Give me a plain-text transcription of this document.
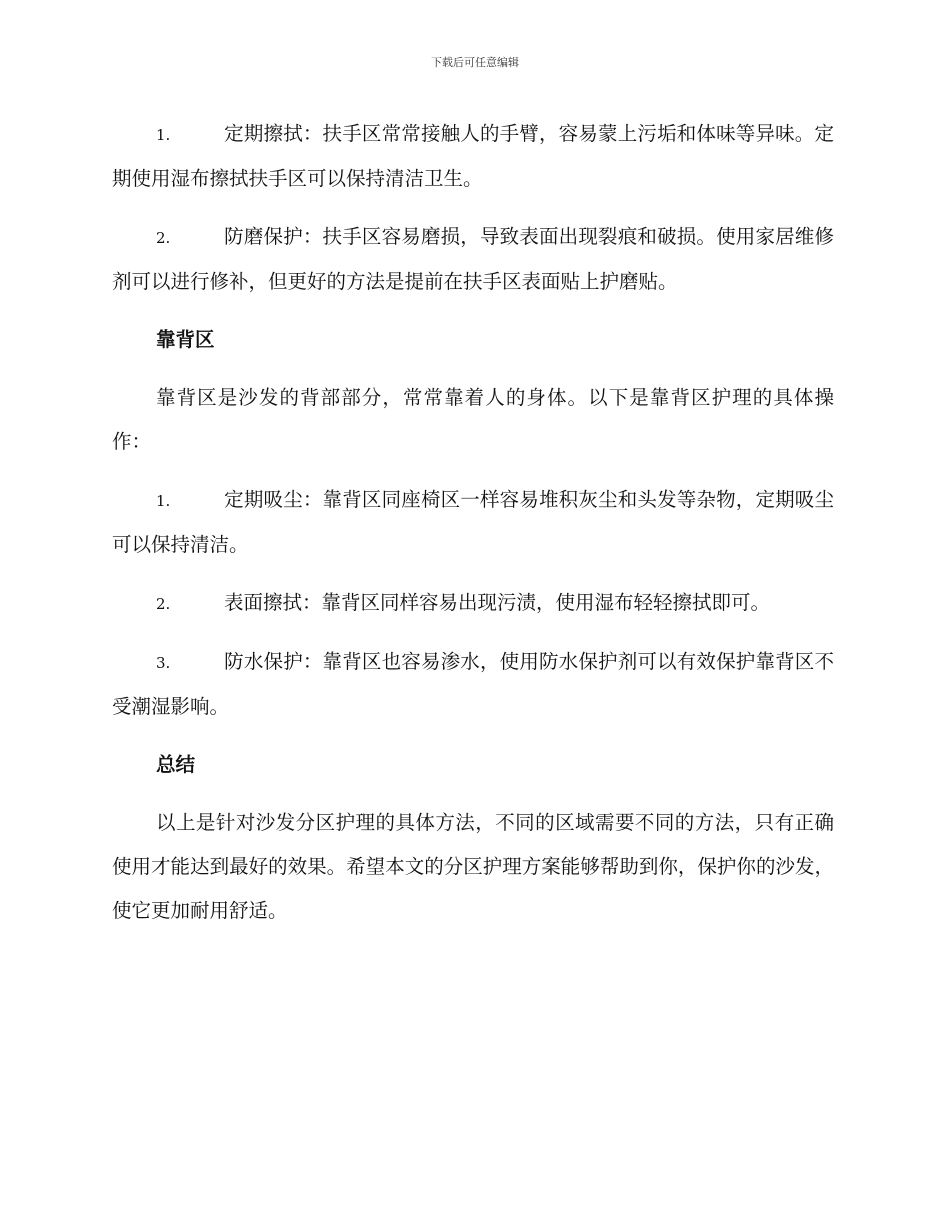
下载后可任意编辑
1.	定期擦拭：扶手区常常接触人的手臂，容易蒙上污垢和体味等异味。定期使用湿布擦拭扶手区可以保持清洁卫生。
2.	防磨保护：扶手区容易磨损，导致表面出现裂痕和破损。使用家居维修剂可以进行修补，但更好的方法是提前在扶手区表面贴上护磨贴。
靠背区
靠背区是沙发的背部部分，常常靠着人的身体。以下是靠背区护理的具体操作：
1.	定期吸尘：靠背区同座椅区一样容易堆积灰尘和头发等杂物，定期吸尘可以保持清洁。
2.	表面擦拭：靠背区同样容易出现污渍，使用湿布轻轻擦拭即可。
3.	防水保护：靠背区也容易渗水，使用防水保护剂可以有效保护靠背区不受潮湿影响。
总结
以上是针对沙发分区护理的具体方法，不同的区域需要不同的方法，只有正确使用才能达到最好的效果。希望本文的分区护理方案能够帮助到你，保护你的沙发，使它更加耐用舒适。
